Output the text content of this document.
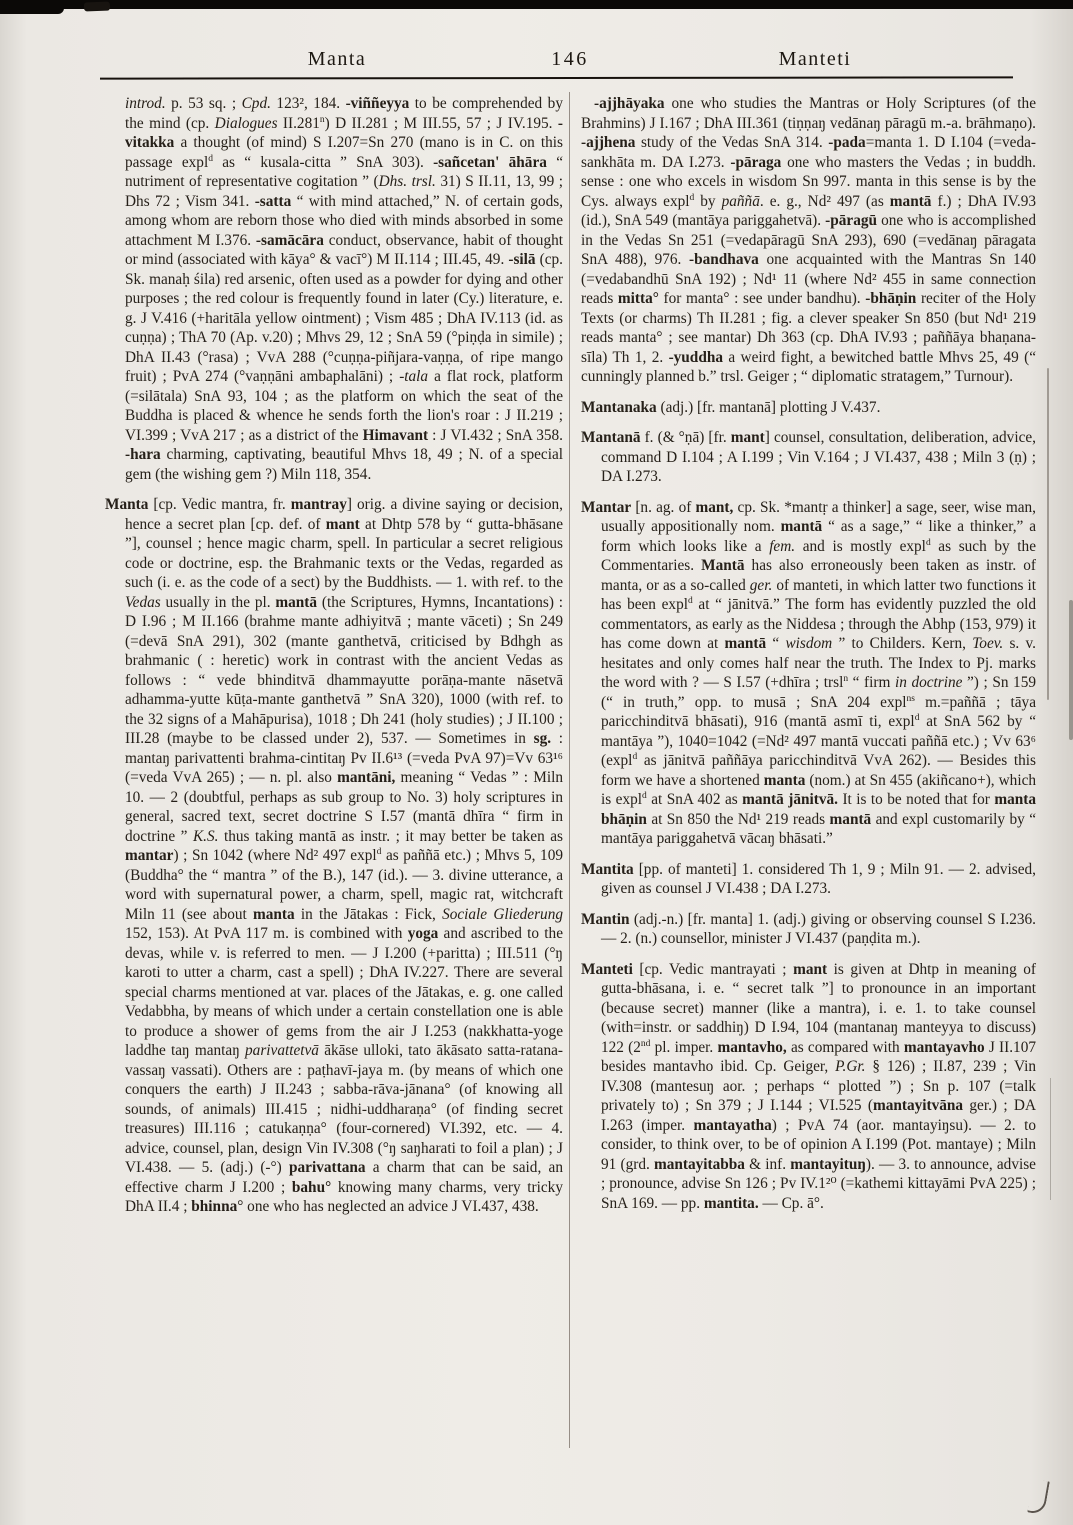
Manta	146	Manteti
introd. p. 53 sq. ; Cpd. 123², 184. -viññeyya to be comprehended by the mind (cp. Dialogues II.281$^n$) D II.281 ; M III.55, 57 ; J IV.195. -vitakka a thought (of mind) S I.207=Sn 270 (mano is in C. on this passage expl$^d$ as “ kusala-citta ” SnA 303). -sañcetan' āhāra “ nutriment of representative cogitation ” (Dhs. trsl. 31) S II.11, 13, 99 ; Dhs 72 ; Vism 341. -satta “ with mind attached,” N. of certain gods, among whom are reborn those who died with minds absorbed in some attachment M I.376. -samācāra conduct, observance, habit of thought or mind (associated with kāya° & vacī°) M II.114 ; III.45, 49. -silā (cp. Sk. manaḥ śila) red arsenic, often used as a powder for dying and other purposes ; the red colour is frequently found in later (Cy.) literature, e. g. J V.416 (+haritāla yellow ointment) ; Vism 485 ; DhA IV.113 (id. as cuṇṇa) ; ThA 70 (Ap. v.20) ; Mhvs 29, 12 ; SnA 59 (°piṇḍa in simile) ; DhA II.43 (°rasa) ; VvA 288 (°cuṇṇa-piñjara-vaṇṇa, of ripe mango fruit) ; PvA 274 (°vaṇṇāni ambaphalāni) ; -tala a flat rock, platform (=silātala) SnA 93, 104 ; as the platform on which the seat of the Buddha is placed & whence he sends forth the lion's roar : J II.219 ; VI.399 ; VvA 217 ; as a district of the Himavant : J VI.432 ; SnA 358. -hara charming, captivating, beautiful Mhvs 18, 49 ; N. of a special gem (the wishing gem ?) Miln 118, 354.
Manta [cp. Vedic mantra, fr. mantray] orig. a divine saying or decision, hence a secret plan [cp. def. of mant at Dhtp 578 by “ gutta-bhāsane ”], counsel ; hence magic charm, spell. In particular a secret religious code or doctrine, esp. the Brahmanic texts or the Vedas, regarded as such (i. e. as the code of a sect) by the Buddhists. — 1. with ref. to the Vedas usually in the pl. mantā (the Scriptures, Hymns, Incantations) : D I.96 ; M II.166 (brahme mante adhiyitvā ; mante vāceti) ; Sn 249 (=devā SnA 291), 302 (mante ganthetvā, criticised by Bdhgh as brahmanic ( : heretic) work in contrast with the ancient Vedas as follows : “ vede bhinditvā dhammayutte porāṇa-mante nāsetvā adhamma-yutte kūṭa-mante ganthetvā ” SnA 320), 1000 (with ref. to the 32 signs of a Mahāpurisa), 1018 ; Dh 241 (holy studies) ; J II.100 ; III.28 (maybe to be classed under 2), 537. — Sometimes in sg. : mantaŋ parivattenti brahma-cintitaŋ Pv II.6¹³ (=veda PvA 97)=Vv 63¹⁶ (=veda VvA 265) ; — n. pl. also mantāni, meaning “ Vedas ” : Miln 10. — 2 (doubtful, perhaps as sub group to No. 3) holy scriptures in general, sacred text, secret doctrine S I.57 (mantā dhīra “ firm in doctrine ” K.S. thus taking mantā as instr. ; it may better be taken as mantar) ; Sn 1042 (where Nd² 497 expl$^d$ as paññā etc.) ; Mhvs 5, 109 (Buddha° the “ mantra ” of the B.), 147 (id.). — 3. divine utterance, a word with supernatural power, a charm, spell, magic rat, witchcraft Miln 11 (see about manta in the Jātakas : Fick, Sociale Gliederung 152, 153). At PvA 117 m. is combined with yoga and ascribed to the devas, while v. is referred to men. — J I.200 (+paritta) ; III.511 (°ŋ karoti to utter a charm, cast a spell) ; DhA IV.227. There are several special charms mentioned at var. places of the Jātakas, e. g. one called Vedabbha, by means of which under a certain constellation one is able to produce a shower of gems from the air J I.253 (nakkhatta-yoge laddhe taŋ mantaŋ parivattetvā ākāse ulloki, tato ākāsato satta-ratana-vassaŋ vassati). Others are : paṭhavī-jaya m. (by means of which one conquers the earth) J II.243 ; sabba-rāva-jānana° (of knowing all sounds, of animals) III.415 ; nidhi-uddharaṇa° (of finding secret treasures) III.116 ; catukaṇṇa° (four-cornered) VI.392, etc. — 4. advice, counsel, plan, design Vin IV.308 (°ŋ saŋharati to foil a plan) ; J VI.438. — 5. (adj.) (-°) parivattana a charm that can be said, an effective charm J I.200 ; bahu° knowing many charms, very tricky DhA II.4 ; bhinna° one who has neglected an advice J VI.437, 438.
-ajjhāyaka one who studies the Mantras or Holy Scriptures (of the Brahmins) J I.167 ; DhA III.361 (tiṇṇaŋ vedānaŋ pāragū m.-a. brāhmaṇo). -ajjhena study of the Vedas SnA 314. -pada=manta 1. D I.104 (=veda-sankhāta m. DA I.273. -pāraga one who masters the Vedas ; in buddh. sense : one who excels in wisdom Sn 997. manta in this sense is by the Cys. always expl$^d$ by paññā. e. g., Nd² 497 (as mantā f.) ; DhA IV.93 (id.), SnA 549 (mantāya pariggahetvā). -pāragū one who is accomplished in the Vedas Sn 251 (=vedapāragū SnA 293), 690 (=vedānaŋ pāragata SnA 488), 976. -bandhava one acquainted with the Mantras Sn 140 (=vedabandhū SnA 192) ; Nd¹ 11 (where Nd² 455 in same connection reads mitta° for manta° : see under bandhu). -bhāṇin reciter of the Holy Texts (or charms) Th II.281 ; fig. a clever speaker Sn 850 (but Nd¹ 219 reads manta° ; see mantar) Dh 363 (cp. DhA IV.93 ; paññāya bhaṇana-sīla) Th 1, 2. -yuddha a weird fight, a bewitched battle Mhvs 25, 49 (“ cunningly planned b.” trsl. Geiger ; “ diplomatic stratagem,” Turnour).
Mantanaka (adj.) [fr. mantanā] plotting J V.437.
Mantanā f. (& °ṇā) [fr. mant] counsel, consultation, deliberation, advice, command D I.104 ; A I.199 ; Vin V.164 ; J VI.437, 438 ; Miln 3 (ṇ) ; DA I.273.
Mantar [n. ag. of mant, cp. Sk. *mantṛ a thinker] a sage, seer, wise man, usually appositionally nom. mantā “ as a sage,” “ like a thinker,” a form which looks like a fem. and is mostly expl$^d$ as such by the Commentaries. Mantā has also erroneously been taken as instr. of manta, or as a so-called ger. of manteti, in which latter two functions it has been expl$^d$ at “ jānitvā.” The form has evidently puzzled the old commentators, as early as the Niddesa ; through the Abhp (153, 979) it has come down at mantā “ wisdom ” to Childers. Kern, Toev. s. v. hesitates and only comes half near the truth. The Index to Pj. marks the word with ? — S I.57 (+dhīra ; trsl$^n$ “ firm in doctrine ”) ; Sn 159 (“ in truth,” opp. to musā ; SnA 204 expl$^{ns}$ m.=paññā ; tāya paricchinditvā bhāsati), 916 (mantā asmī ti, expl$^d$ at SnA 562 by “ mantāya ”), 1040=1042 (=Nd² 497 mantā vuccati paññā etc.) ; Vv 63⁶ (expl$^d$ as jānitvā paññāya paricchinditvā VvA 262). — Besides this form we have a shortened manta (nom.) at Sn 455 (akiñcano+), which is expl$^d$ at SnA 402 as mantā jānitvā. It is to be noted that for manta bhāṇin at Sn 850 the Nd¹ 219 reads mantā and expl customarily by “ mantāya pariggahetvā vācaŋ bhāsati.”
Mantita [pp. of manteti] 1. considered Th 1, 9 ; Miln 91. — 2. advised, given as counsel J VI.438 ; DA I.273.
Mantin (adj.-n.) [fr. manta] 1. (adj.) giving or observing counsel S I.236. — 2. (n.) counsellor, minister J VI.437 (paṇḍita m.).
Manteti [cp. Vedic mantrayati ; mant is given at Dhtp in meaning of gutta-bhāsana, i. e. “ secret talk ”] to pronounce in an important (because secret) manner (like a mantra), i. e. 1. to take counsel (with=instr. or saddhiŋ) D I.94, 104 (mantanaŋ manteyya to discuss) 122 (2nd pl. imper. mantavho, as compared with mantayavho J II.107 besides mantavho ibid. Cp. Geiger, P.Gr. § 126) ; II.87, 239 ; Vin IV.308 (mantesuŋ aor. ; perhaps “ plotted ”) ; Sn p. 107 (=talk privately to) ; Sn 379 ; J I.144 ; VI.525 (mantayitvāna ger.) ; DA I.263 (imper. mantayatha) ; PvA 74 (aor. mantayiŋsu). — 2. to consider, to think over, to be of opinion A I.199 (Pot. mantaye) ; Miln 91 (grd. mantayitabba & inf. mantayituŋ). — 3. to announce, advise ; pronounce, advise Sn 126 ; Pv IV.1²⁰ (=kathemi kittayāmi PvA 225) ; SnA 169. — pp. mantita. — Cp. ā°.
